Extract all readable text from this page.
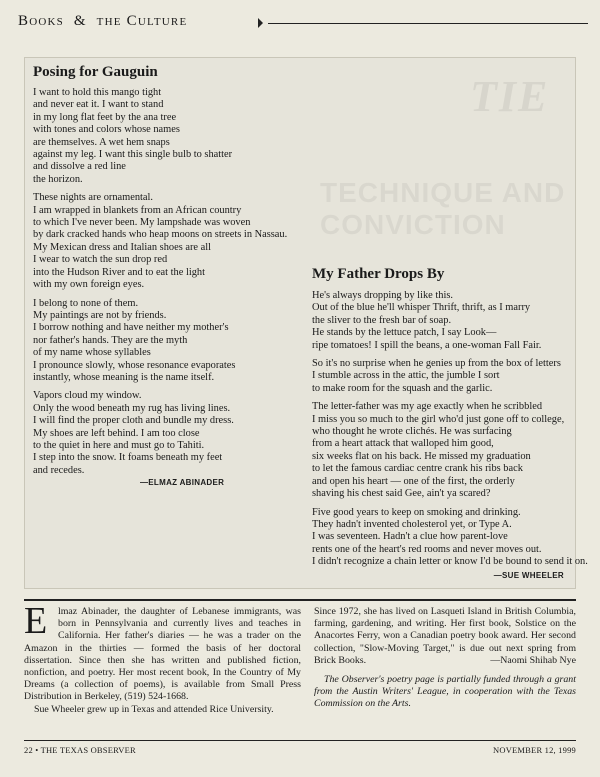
BOOKS & THE CULTURE
TIE
TECHNIQUE AND CONVICTION
Posing for Gauguin
I want to hold this mango tight
and never eat it. I want to stand
in my long flat feet by the ana tree
with tones and colors whose names
are themselves. A wet hem snaps
against my leg. I want this single bulb to shatter
and dissolve a red line
the horizon.
These nights are ornamental.
I am wrapped in blankets from an African country
to which I've never been. My lampshade was woven
by dark cracked hands who heap moons on streets in Nassau.
My Mexican dress and Italian shoes are all
I wear to watch the sun drop red
into the Hudson River and to eat the light
with my own foreign eyes.
I belong to none of them.
My paintings are not by friends.
I borrow nothing and have neither my mother's
nor father's hands. They are the myth
of my name whose syllables
I pronounce slowly, whose resonance evaporates
instantly, whose meaning is the name itself.
Vapors cloud my window.
Only the wood beneath my rug has living lines.
I will find the proper cloth and bundle my dress.
My shoes are left behind. I am too close
to the quiet in here and must go to Tahiti.
I step into the snow. It foams beneath my feet
and recedes.
—ELMAZ ABINADER
My Father Drops By
He's always dropping by like this.
Out of the blue he'll whisper Thrift, thrift, as I marry
the sliver to the fresh bar of soap.
He stands by the lettuce patch, I say Look—
ripe tomatoes! I spill the beans, a one-woman Fall Fair.
So it's no surprise when he genies up from the box of letters
I stumble across in the attic, the jumble I sort
to make room for the squash and the garlic.
The letter-father was my age exactly when he scribbled
I miss you so much to the girl who'd just gone off to college,
who thought he wrote clichés. He was surfacing
from a heart attack that walloped him good,
six weeks flat on his back. He missed my graduation
to let the famous cardiac centre crank his ribs back
and open his heart — one of the first, the orderly
shaving his chest said Gee, ain't ya scared?
Five good years to keep on smoking and drinking.
They hadn't invented cholesterol yet, or Type A.
I was seventeen. Hadn't a clue how parent-love
rents one of the heart's red rooms and never moves out.
I didn't recognize a chain letter or know I'd be bound to send it on.
—SUE WHEELER

E lmaz Abinader, the daughter of Lebanese immigrants, was born in Pennsylvania and currently lives and teaches in California. Her father's diaries — he was a trader on the Amazon in the thirties — formed the basis of her doctoral dissertation. Since then she has written and published fiction, nonfiction, and poetry. Her most recent book, In the Country of My Dreams (a collection of poems), is available from Small Press Distribution in Berkeley, (519) 524-1668.

Sue Wheeler grew up in Texas and attended Rice University.

Since 1972, she has lived on Lasqueti Island in British Columbia, farming, gardening, and writing. Her first book, Solstice on the Anacortes Ferry, won a Canadian poetry book award. Her second collection, "Slow-Moving Target," is due out next spring from Brick Books.	—Naomi Shihab Nye

The Observer's poetry page is partially funded through a grant from the Austin Writers' League, in cooperation with the Texas Commission on the Arts.

22 • THE TEXAS OBSERVER	NOVEMBER 12, 1999
